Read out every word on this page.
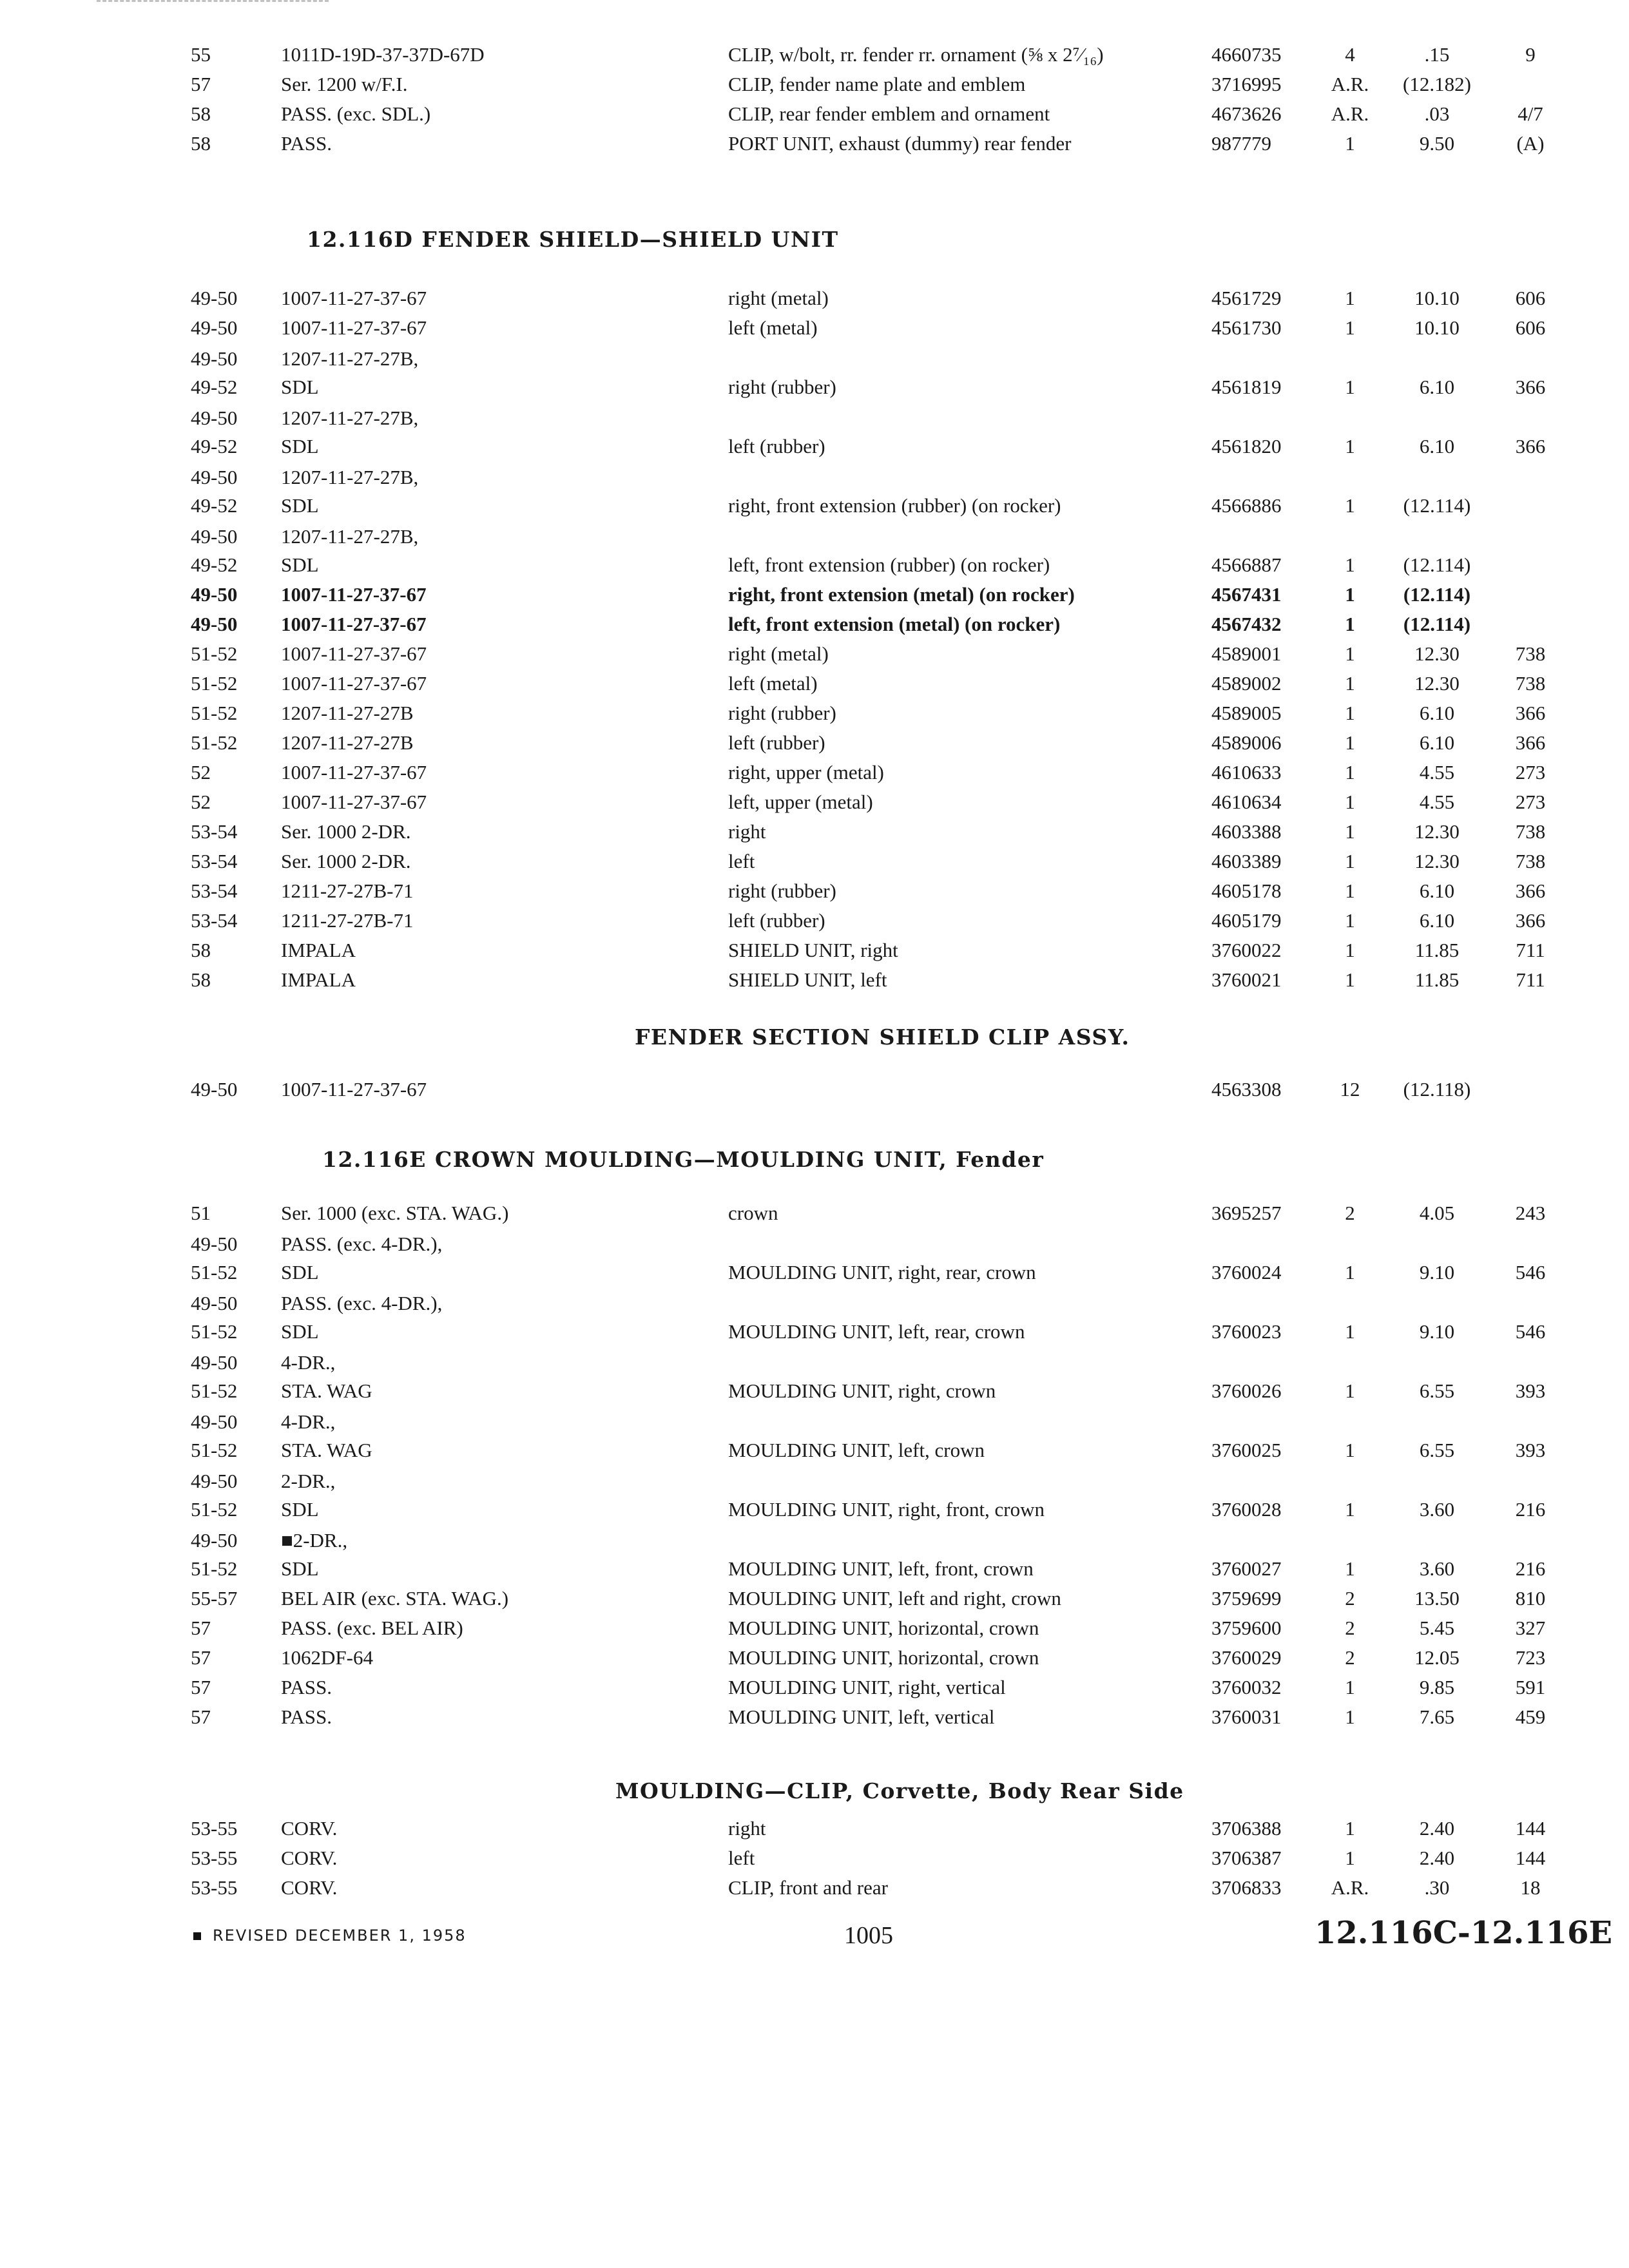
55	1011D-19D-37-37D-67D	CLIP, w/bolt, rr. fender rr. ornament (⅝ x 2⁷⁄₁₆)	4660735	4	.15	9
57	Ser. 1200 w/F.I.	CLIP, fender name plate and emblem	3716995	A.R.	(12.182)
58	PASS. (exc. SDL.)	CLIP, rear fender emblem and ornament	4673626	A.R.	.03	4/7
58	PASS.	PORT UNIT, exhaust (dummy) rear fender	987779	1	9.50	(A)
12.116D FENDER SHIELD—SHIELD UNIT
49-50	1007-11-27-37-67	right (metal)	4561729	1	10.10	606
49-50	1007-11-27-37-67	left (metal)	4561730	1	10.10	606
49-50	1207-11-27-27B,
49-52	SDL	right (rubber)	4561819	1	6.10	366
49-50	1207-11-27-27B,
49-52	SDL	left (rubber)	4561820	1	6.10	366
49-50	1207-11-27-27B,
49-52	SDL	right, front extension (rubber) (on rocker)	4566886	1	(12.114)
49-50	1207-11-27-27B,
49-52	SDL	left, front extension (rubber) (on rocker)	4566887	1	(12.114)
49-50	1007-11-27-37-67	right, front extension (metal) (on rocker)	4567431	1	(12.114)
49-50	1007-11-27-37-67	left, front extension (metal) (on rocker)	4567432	1	(12.114)
51-52	1007-11-27-37-67	right (metal)	4589001	1	12.30	738
51-52	1007-11-27-37-67	left (metal)	4589002	1	12.30	738
51-52	1207-11-27-27B	right (rubber)	4589005	1	6.10	366
51-52	1207-11-27-27B	left (rubber)	4589006	1	6.10	366
52	1007-11-27-37-67	right, upper (metal)	4610633	1	4.55	273
52	1007-11-27-37-67	left, upper (metal)	4610634	1	4.55	273
53-54	Ser. 1000 2-DR.	right	4603388	1	12.30	738
53-54	Ser. 1000 2-DR.	left	4603389	1	12.30	738
53-54	1211-27-27B-71	right (rubber)	4605178	1	6.10	366
53-54	1211-27-27B-71	left (rubber)	4605179	1	6.10	366
58	IMPALA	SHIELD UNIT, right	3760022	1	11.85	711
58	IMPALA	SHIELD UNIT, left	3760021	1	11.85	711
FENDER SECTION SHIELD CLIP ASSY.
49-50	1007-11-27-37-67	4563308	12	(12.118)
12.116E CROWN MOULDING—MOULDING UNIT, Fender
51	Ser. 1000 (exc. STA. WAG.)	crown	3695257	2	4.05	243
49-50	PASS. (exc. 4-DR.),
51-52	SDL	MOULDING UNIT, right, rear, crown	3760024	1	9.10	546
49-50	PASS. (exc. 4-DR.),
51-52	SDL	MOULDING UNIT, left, rear, crown	3760023	1	9.10	546
49-50	4-DR.,
51-52	STA. WAG	MOULDING UNIT, right, crown	3760026	1	6.55	393
49-50	4-DR.,
51-52	STA. WAG	MOULDING UNIT, left, crown	3760025	1	6.55	393
49-50	2-DR.,
51-52	SDL	MOULDING UNIT, right, front, crown	3760028	1	3.60	216
49-50	■2-DR.,
51-52	SDL	MOULDING UNIT, left, front, crown	3760027	1	3.60	216
55-57	BEL AIR (exc. STA. WAG.)	MOULDING UNIT, left and right, crown	3759699	2	13.50	810
57	PASS. (exc. BEL AIR)	MOULDING UNIT, horizontal, crown	3759600	2	5.45	327
57	1062DF-64	MOULDING UNIT, horizontal, crown	3760029	2	12.05	723
57	PASS.	MOULDING UNIT, right, vertical	3760032	1	9.85	591
57	PASS.	MOULDING UNIT, left, vertical	3760031	1	7.65	459
MOULDING—CLIP, Corvette, Body Rear Side
53-55	CORV.	right	3706388	1	2.40	144
53-55	CORV.	left	3706387	1	2.40	144
53-55	CORV.	CLIP, front and rear	3706833	A.R.	.30	18
REVISED DECEMBER 1, 1958	1005	12.116C-12.116E
